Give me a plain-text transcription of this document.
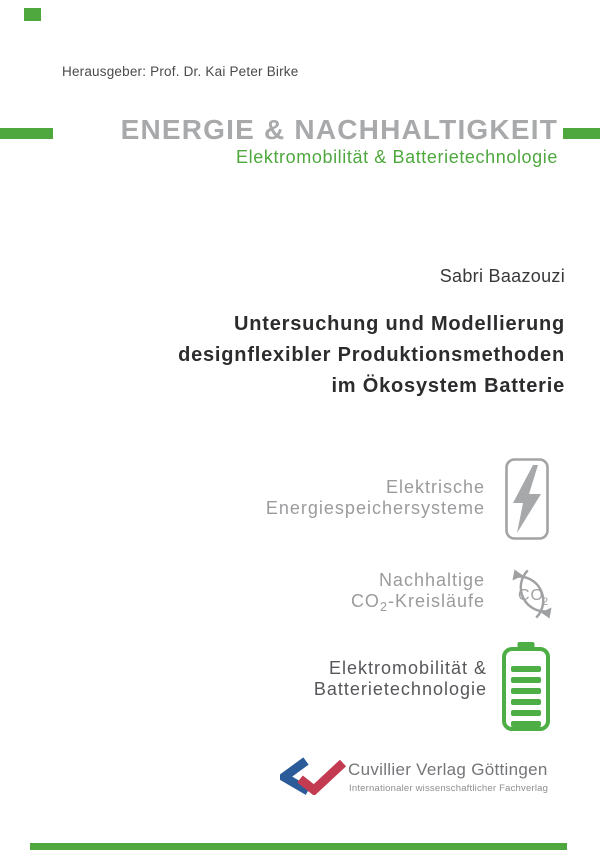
Herausgeber: Prof. Dr. Kai Peter Birke
ENERGIE & NACHHALTIGKEIT
Elektromobilität & Batterietechnologie
Sabri Baazouzi
Untersuchung und Modellierung
designflexibler Produktionsmethoden
im Ökosystem Batterie
Elektrische
Energiespeichersysteme
Nachhaltige
$CO_2$-Kreisläufe CO
2
Elektromobilität &
Batterietechnologie
Cuvillier Verlag Göttingen
Internationaler wissenschaftlicher Fachverlag
